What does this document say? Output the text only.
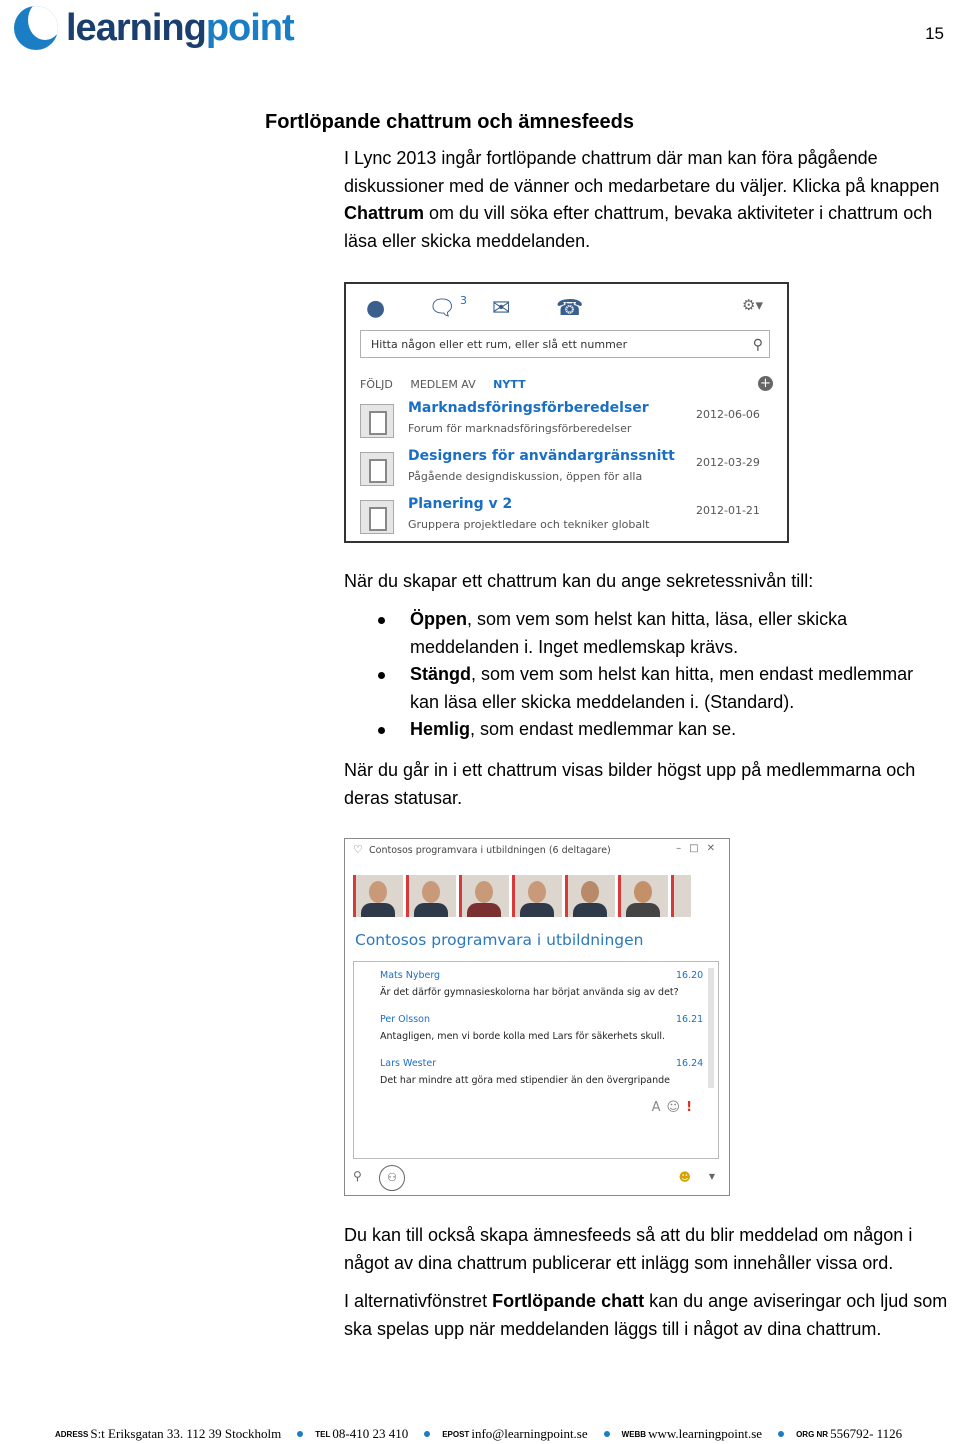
learningpoint	15
Fortlöpande chattrum och ämnesfeeds
I Lync 2013 ingår fortlöpande chattrum där man kan föra pågående diskussioner med de vänner och medarbetare du väljer. Klicka på knappen Chattrum om du vill söka efter chattrum, bevaka aktiviteter i chattrum och läsa eller skicka meddelanden.
● 🗨 3 ✉ ☎	⚙▾
Hitta någon eller ett rum, eller slå ett nummer	⚲
FÖLJD MEDLEM AV NYTT	+
Marknadsföringsförberedelser
Forum för marknadsföringsförberedelser
2012-06-06
Designers för användargränssnitt
Pågående designdiskussion, öppen för alla
2012-03-29
Planering v 2
Gruppera projektledare och tekniker globalt
2012-01-21
När du skapar ett chattrum kan du ange sekretessnivån till:
Öppen, som vem som helst kan hitta, läsa, eller skicka meddelanden i. Inget medlemskap krävs.
Stängd, som vem som helst kan hitta, men endast medlemmar kan läsa eller skicka meddelanden i. (Standard).
Hemlig, som endast medlemmar kan se.
När du går in i ett chattrum visas bilder högst upp på medlemmarna och deras statusar.
♡ Contosos programvara i utbildningen (6 deltagare)	–□✕
Contosos programvara i utbildningen
Mats Nyberg	16.20
Är det därför gymnasieskolorna har börjat använda sig av det?
Per Olsson	16.21
Antagligen, men vi borde kolla med Lars för säkerhets skull.
Lars Wester	16.24
Det har mindre att göra med stipendier än den övergripande
A☺!
⚲	⚇	☻ ▼
Du kan till också skapa ämnesfeeds så att du blir meddelad om någon i något av dina chattrum publicerar ett inlägg som innehåller vissa ord.
I alternativfönstret Fortlöpande chatt kan du ange aviseringar och ljud som ska spelas upp när meddelanden läggs till i något av dina chattrum.
ADRESS S:t Eriksgatan 33. 112 39 Stockholm	TEL 08-410 23 410	EPOST info@learningpoint.se	WEBB www.learningpoint.se	ORG NR 556792- 1126
